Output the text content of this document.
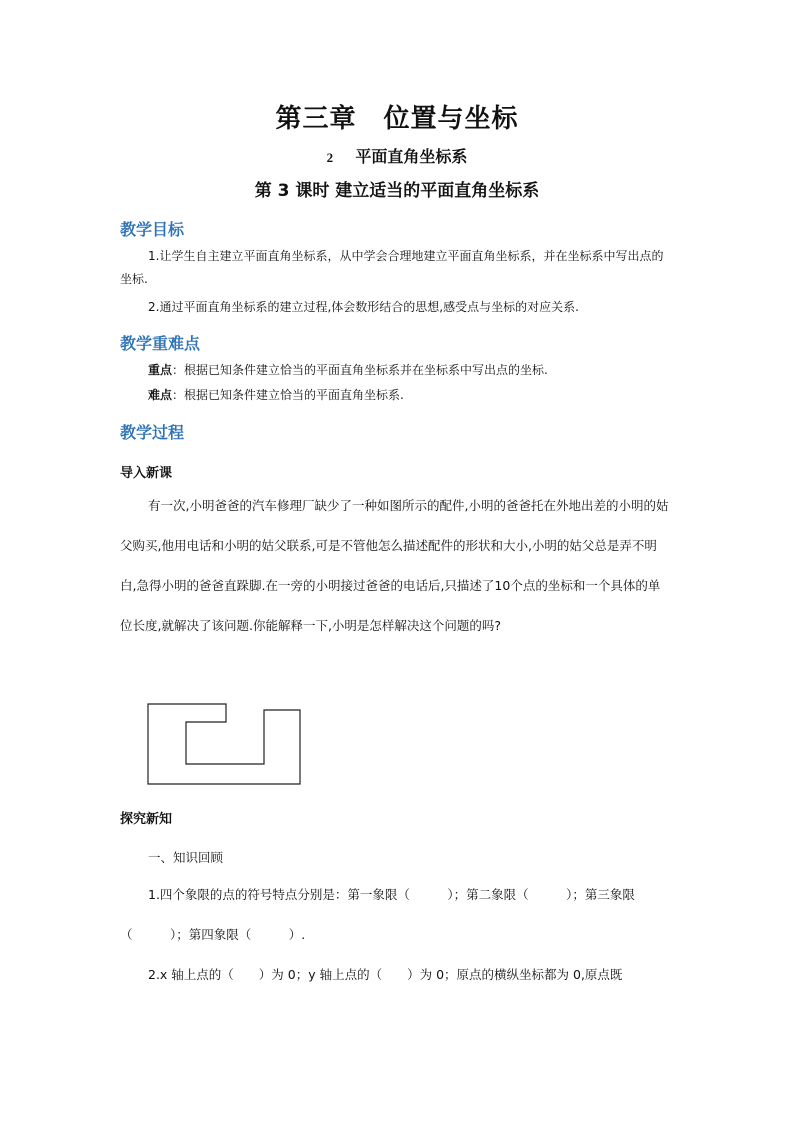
第三章　位置与坐标
2 平面直角坐标系
第 3 课时 建立适当的平面直角坐标系
教学目标
1.让学生自主建立平面直角坐标系，从中学会合理地建立平面直角坐标系，并在坐标系中写出点的坐标.
2.通过平面直角坐标系的建立过程,体会数形结合的思想,感受点与坐标的对应关系.
教学重难点
重点：根据已知条件建立恰当的平面直角坐标系并在坐标系中写出点的坐标.
难点：根据已知条件建立恰当的平面直角坐标系.
教学过程
导入新课
有一次,小明爸爸的汽车修理厂缺少了一种如图所示的配件,小明的爸爸托在外地出差的小明的姑父购买,他用电话和小明的姑父联系,可是不管他怎么描述配件的形状和大小,小明的姑父总是弄不明白,急得小明的爸爸直跺脚.在一旁的小明接过爸爸的电话后,只描述了10个点的坐标和一个具体的单位长度,就解决了该问题.你能解释一下,小明是怎样解决这个问题的吗?
探究新知
一、知识回顾
1.四个象限的点的符号特点分别是：第一象限（　　　）；第二象限（　　　）；第三象限（　　　）；第四象限（　　　）.
2.x 轴上点的（　　）为 0；y 轴上点的（　　）为 0；原点的横纵坐标都为 0,原点既
